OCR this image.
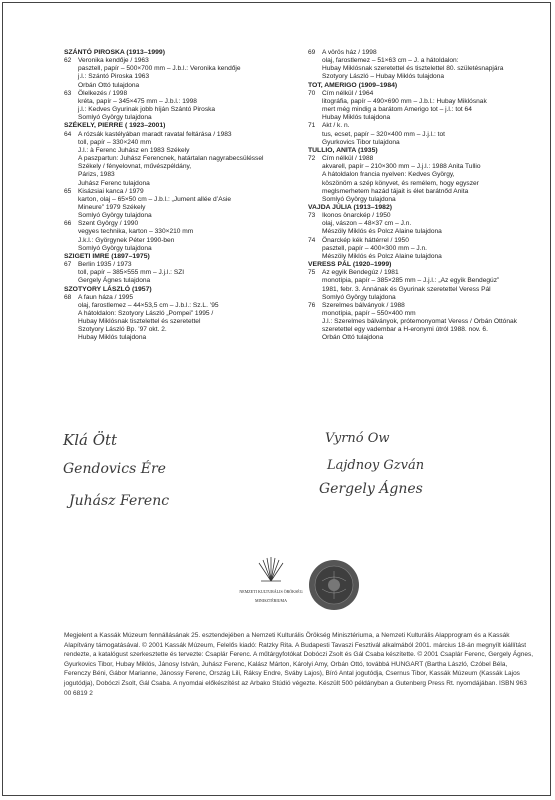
SZÁNTÓ PIROSKA (1913–1999)
62	Veronika kendője / 1963
pasztell, papír – 500×700 mm – J.b.l.: Veronika kendője
j.l.: Szántó Piroska 1963
Orbán Ottó tulajdona
63	Ölelkezés / 1998
kréta, papír – 345×475 mm – J.b.l.: 1998
j.l.: Kedves Gyurinak jobb híján Szántó Piroska
Somlyó György tulajdona
SZÉKELY, PIERRE ( 1923–2001)
64	A rózsák kastélyában maradt ravatal feltárása / 1983
toll, papír – 330×240 mm
J.l.: à Ferenc Juhász en 1983 Székely
A paszpartun: Juhász Ferencnek, határtalan nagyrabecsüléssel
Székely / fényelovnat, művészpéldány,
Párizs, 1983
Juhász Ferenc tulajdona
65	Kisázsiai kanca / 1979
karton, olaj – 65×50 cm – J.b.l.: „Jument allée d’Asie
Mineure” 1979 Székely
Somlyó György tulajdona
66	Szent György / 1990
vegyes technika, karton – 330×210 mm
J.k.l.: Györgynek Péter 1990-ben
Somlyó György tulajdona
SZIGETI IMRE (1897–1975)
67	Berlin 1935 / 1973
toll, papír – 385×555 mm – J.j.l.: SZI
Gergely Ágnes tulajdona
SZOTYORY LÁSZLÓ (1957)
68	A faun háza / 1995
olaj, farostlemez – 44×53,5 cm – J.b.l.: Sz.L. ’95
A hátoldalon: Szotyory László „Pompei” 1995 /
Hubay Miklósnak tisztelettel és szeretettel
Szotyory László Bp. ’97 okt. 2.
Hubay Miklós tulajdona
69	A vörös ház / 1998
olaj, farostlemez – 51×63 cm – J. a hátoldalon:
Hubay Miklósnak szeretettel és tisztelettel 80. születésnapjára
Szotyory László – Hubay Miklós tulajdona
TOT, AMERIGO (1909–1984)
70	Cím nélkül / 1964
litográfia, papír – 490×690 mm – J.b.l.: Hubay Miklósnak
mert még mindig a barátom Amerigo tot – j.l.: tot 64
Hubay Miklós tulajdona
71	Akt / k. n.
tus, ecset, papír – 320×400 mm – J.j.l.: tot
Gyurkovics Tibor tulajdona
TULLIO, ANITA (1935)
72	Cím nélkül / 1988
akvarell, papír – 210×300 mm – J.j.l.: 1988 Anita Tullio
A hátoldalon francia nyelven: Kedves György,
köszönöm a szép könyvet, és remélem, hogy egyszer
meglsmerhetem hazád tájait is élet barátnőd Anita
Somlyó György tulajdona
VAJDA JÚLIA (1913–1982)
73	Ikonos önarckép / 1950
olaj, vászon – 48×37 cm – J.n.
Mészöly Miklós és Polcz Alaine tulajdona
74	Önarckép kék háttérrel / 1950
pasztell, papír – 400×300 mm – J.n.
Mészöly Miklós és Polcz Alaine tulajdona
VERESS PÁL (1920–1999)
75	Az egyik Bendegúz / 1981
monotípia, papír – 385×285 mm – J.j.l.: „Az egyik Bendegúz”
1981, febr. 3. Annának és Gyurinak szeretettel Veress Pál
Somlyó György tulajdona
76	Szerelmes bálványok / 1988
monotípia, papír – 550×400 mm
J.l.: Szerelmes bálványok, prótemonyomat Veress / Orbán Ottónak
szeretettel egy vadembar a H-eronymi útról 1988. nov. 6.
Orbán Ottó tulajdona
Klá Ött
Gendovics Ére
Juhász Ferenc
Vyrnó Ow
Lajdnoy Gzván
Gergely Ágnes
NEMZETI KULTURÁLIS ÖRÖKSÉG
MINISZTÉRIUMA
Megjelent a Kassák Múzeum fennállásának 25. esztendejében a Nemzeti Kulturális Örökség Minisztériuma, a Nemzeti Kulturális Alapprogram és a Kassák Alapítvány támogatásával. © 2001 Kassák Múzeum, Felelős kiadó: Ratzky Rita. A Budapesti Tavaszi Fesztivál alkalmából 2001. március 18-án megnyílt kiállítást rendezte, a katalógust szerkesztette és tervezte: Csaplár Ferenc. A műtárgyfotókat Dobóczi Zsolt és Gál Csaba készítette. © 2001 Csaplár Ferenc, Gergely Ágnes, Gyurkovics Tibor, Hubay Miklós, Jánosy István, Juhász Ferenc, Kalász Márton, Károlyi Amy, Orbán Ottó, továbbá HUNGART (Bartha László, Czóbel Béla, Ferenczy Béni, Gábor Marianne, Jánossy Ferenc, Ország Lili, Ráksy Endre, Sváby Lajos), Bíró Antal jogutódja, Csernus Tibor, Kassák Múzeum (Kassák Lajos jogutódja), Dobóczi Zsolt, Gál Csaba. A nyomdai előkészítést az Arbako Stúdió végezte. Készült 500 példányban a Gutenberg Press Rt. nyomdájában. ISBN 963 00 6819 2
